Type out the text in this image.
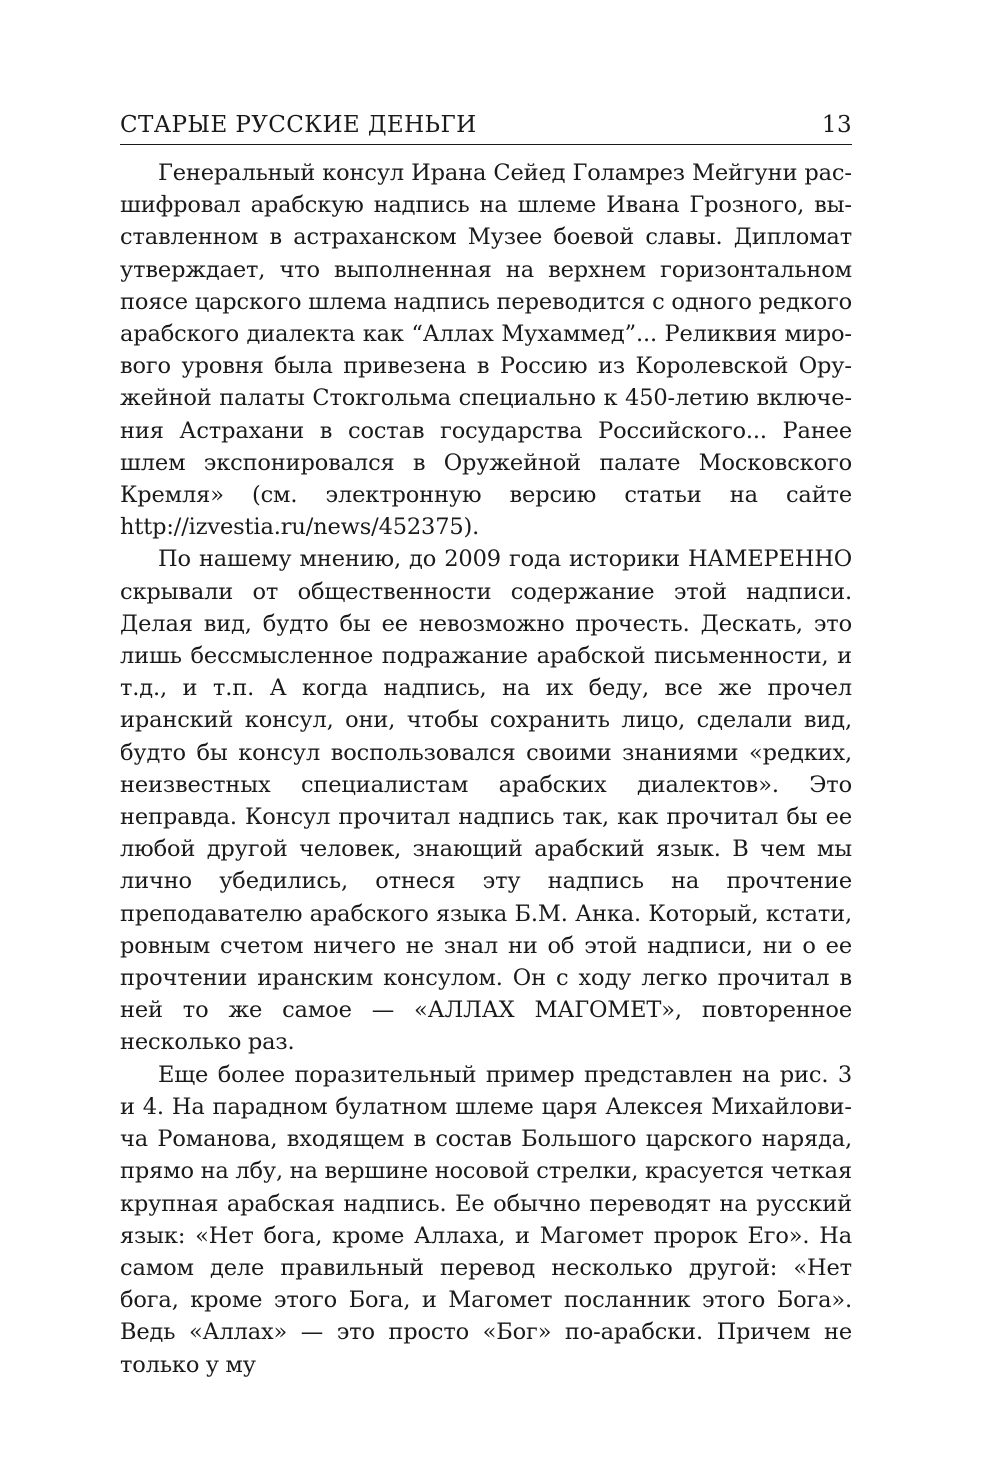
СТАРЫЕ РУССКИЕ ДЕНЬГИ	13

Генеральный консул Ирана Сейед Голамрез Мейгуни расшифровал арабскую надпись на шлеме Ивана Грозного, выставленном в астраханском Музее боевой славы. Дипломат утверждает, что выполненная на верхнем горизонтальном поясе царского шлема надпись переводится с одного редкого арабского диалекта как “Аллах Мухаммед”... Реликвия мирового уровня была привезена в Россию из Королевской Оружейной палаты Стокгольма специально к 450-летию включения Астрахани в состав государства Российского... Ранее шлем экспонировался в Оружейной палате Московского Кремля» (см. электронную версию статьи на сайте http://izvestia.ru/news/452375).

По нашему мнению, до 2009 года историки НАМЕРЕННО скрывали от общественности содержание этой надписи. Делая вид, будто бы ее невозможно прочесть. Дескать, это лишь бессмысленное подражание арабской письменности, и т.д., и т.п. А когда надпись, на их беду, все же прочел иранский консул, они, чтобы сохранить лицо, сделали вид, будто бы консул воспользовался своими знаниями «редких, неизвестных специалистам арабских диалектов». Это неправда. Консул прочитал надпись так, как прочитал бы ее любой другой человек, знающий арабский язык. В чем мы лично убедились, отнеся эту надпись на прочтение преподавателю арабского языка Б.М. Анка. Который, кстати, ровным счетом ничего не знал ни об этой надписи, ни о ее прочтении иранским консулом. Он с ходу легко прочитал в ней то же самое — «АЛЛАХ МАГОМЕТ», повторенное несколько раз.

Еще более поразительный пример представлен на рис. 3 и 4. На парадном булатном шлеме царя Алексея Михайловича Романова, входящем в состав Большого царского наряда, прямо на лбу, на вершине носовой стрелки, красуется четкая крупная арабская надпись. Ее обычно переводят на русский язык: «Нет бога, кроме Аллаха, и Магомет пророк Его». На самом деле правильный перевод несколько другой: «Нет бога, кроме этого Бога, и Магомет посланник этого Бога». Ведь «Аллах» — это просто «Бог» по-арабски. Причем не только у му
